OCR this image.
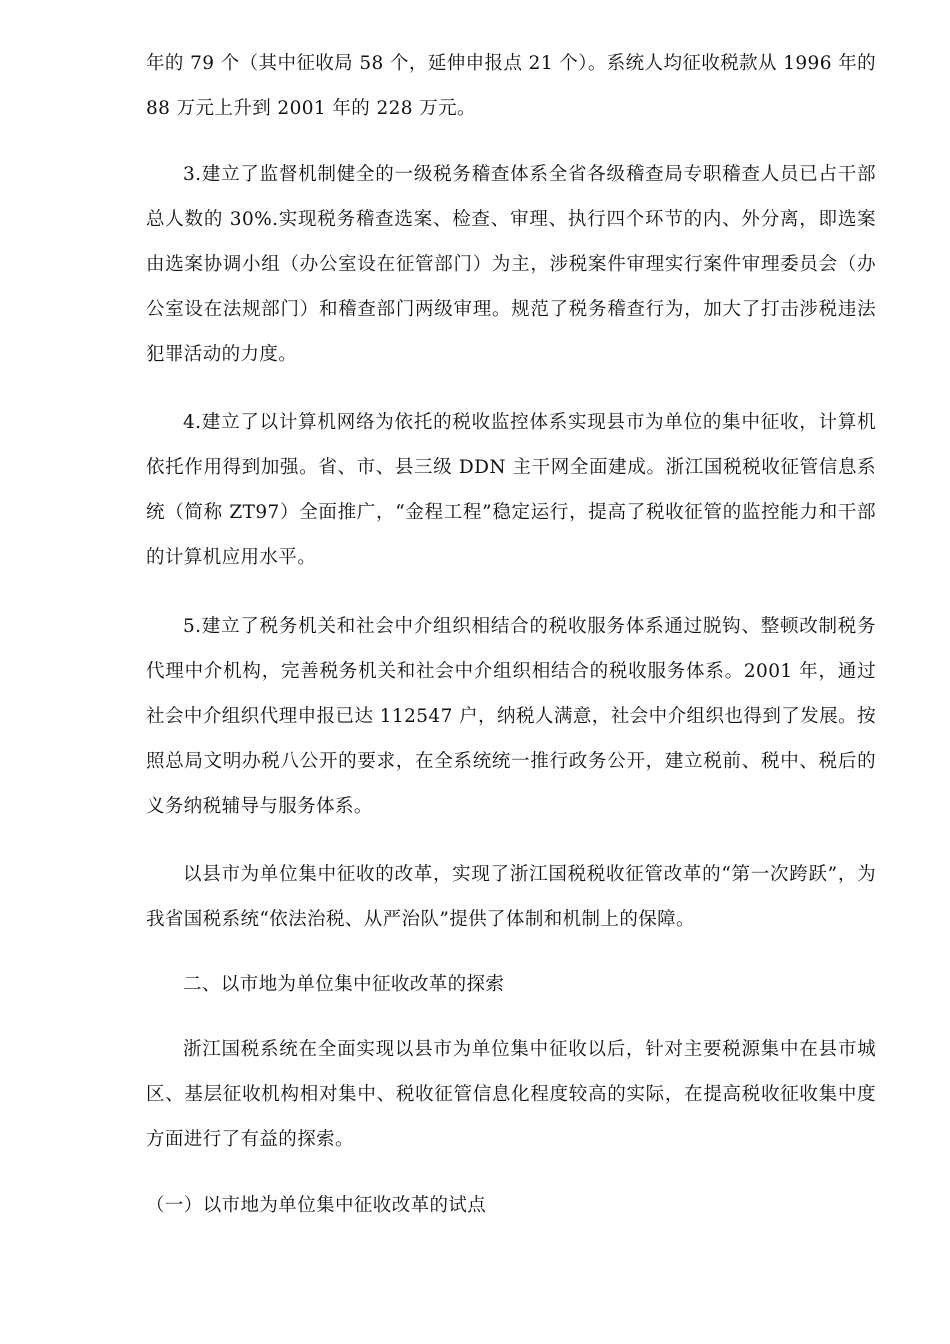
年的 79 个（其中征收局 58 个，延伸申报点 21 个）。系统人均征收税款从 1996 年的 88 万元上升到 2001 年的 228 万元。

3.建立了监督机制健全的一级税务稽查体系全省各级稽查局专职稽查人员已占干部总人数的 30%.实现税务稽查选案、检查、审理、执行四个环节的内、外分离，即选案由选案协调小组（办公室设在征管部门）为主，涉税案件审理实行案件审理委员会（办公室设在法规部门）和稽查部门两级审理。规范了税务稽查行为，加大了打击涉税违法犯罪活动的力度。

4.建立了以计算机网络为依托的税收监控体系实现县市为单位的集中征收，计算机依托作用得到加强。省、市、县三级 DDN 主干网全面建成。浙江国税税收征管信息系统（简称 ZT97）全面推广，“金程工程”稳定运行，提高了税收征管的监控能力和干部的计算机应用水平。

5.建立了税务机关和社会中介组织相结合的税收服务体系通过脱钩、整顿改制税务代理中介机构，完善税务机关和社会中介组织相结合的税收服务体系。2001 年，通过社会中介组织代理申报已达 112547 户，纳税人满意，社会中介组织也得到了发展。按照总局文明办税八公开的要求，在全系统统一推行政务公开，建立税前、税中、税后的义务纳税辅导与服务体系。

以县市为单位集中征收的改革，实现了浙江国税税收征管改革的“第一次跨跃”，为我省国税系统“依法治税、从严治队”提供了体制和机制上的保障。

二、以市地为单位集中征收改革的探索

浙江国税系统在全面实现以县市为单位集中征收以后，针对主要税源集中在县市城区、基层征收机构相对集中、税收征管信息化程度较高的实际，在提高税收征收集中度方面进行了有益的探索。

（一）以市地为单位集中征收改革的试点
